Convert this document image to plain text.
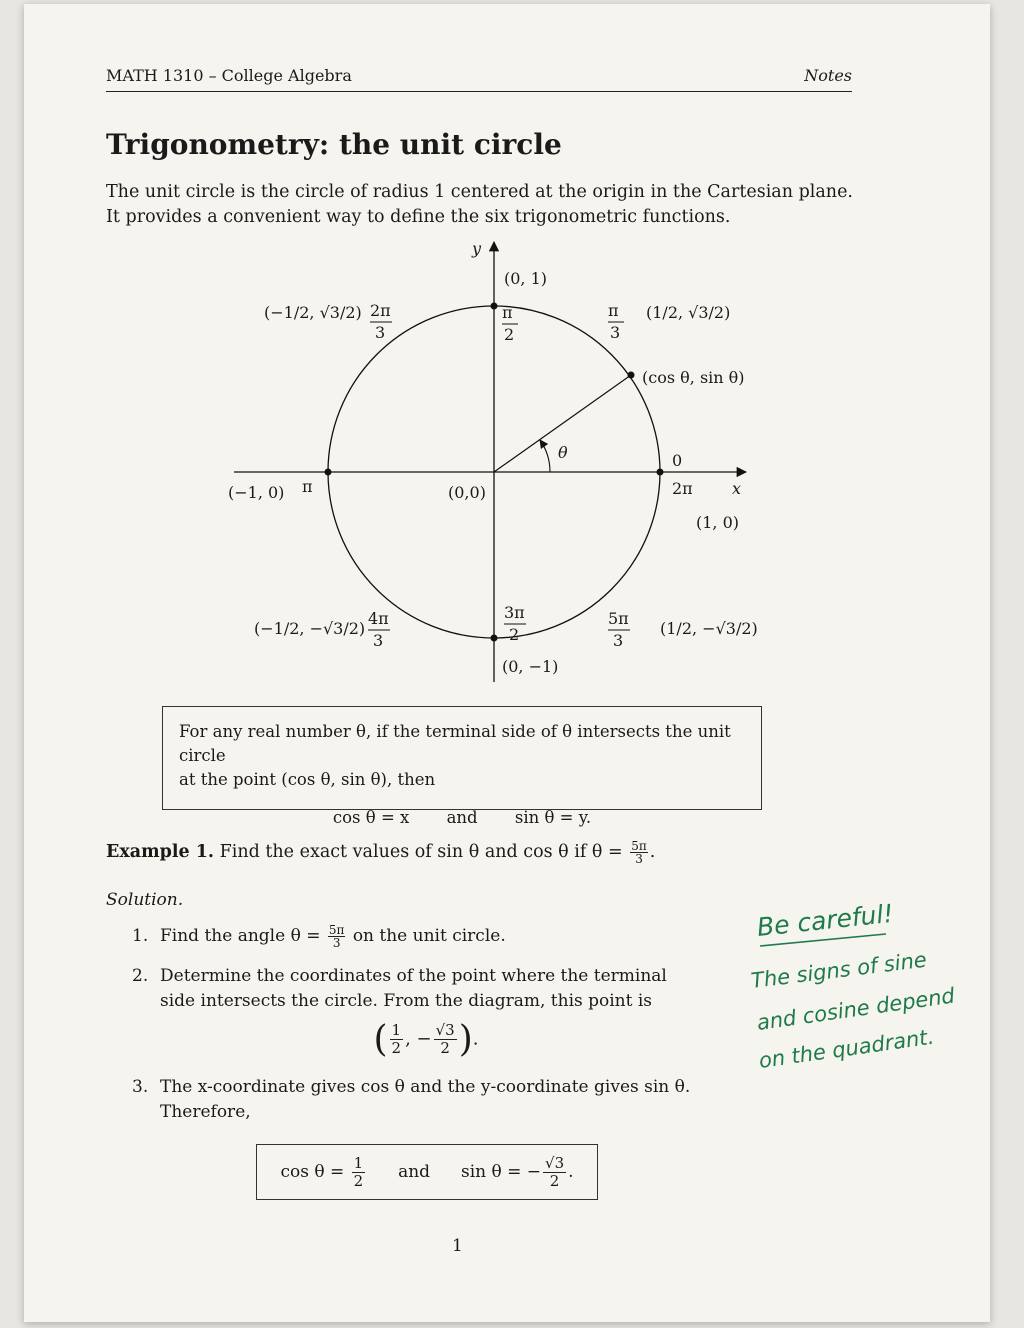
MATH 1310 – College Algebra	Notes
Trigonometry: the unit circle
The unit circle is the circle of radius 1 centered at the origin in the Cartesian plane.
It provides a convenient way to define the six trigonometric functions.
y
x
(0,0)
θ
(cos θ, sin θ)
(0, 1)
(−1, 0)
(1, 0)
(0, −1)
0
2π
π
π
2
π
3
2π
3
4π
3
3π
2
5π
3
(1/2, √3/2)
(−1/2, √3/2)
(−1/2, −√3/2)	(1/2, −√3/2)
For any real number θ, if the terminal side of θ intersects the unit circle
at the point (cos θ, sin θ), then
cos θ = x and sin θ = y.
Example 1. Find the exact values of sin θ and cos θ if $\theta = \frac{5\pi}{3}$ .
Solution.
1. Find the angle $\theta = \frac{5\pi}{3}$ on the unit circle.
2. Determine the coordinates of the point where the terminal side intersects the circle. From the diagram, this point is
( $\frac{1}{2}$ , − $\frac{√3}{2}$ ).
3. The x-coordinate gives cos θ and the y-coordinate gives sin θ. Therefore,
$\cos \theta = \frac{1}{2}$ and sin θ = − $\frac{√3}{2}$ .
1
Be careful!
The signs of sine
and cosine depend
on the quadrant.
